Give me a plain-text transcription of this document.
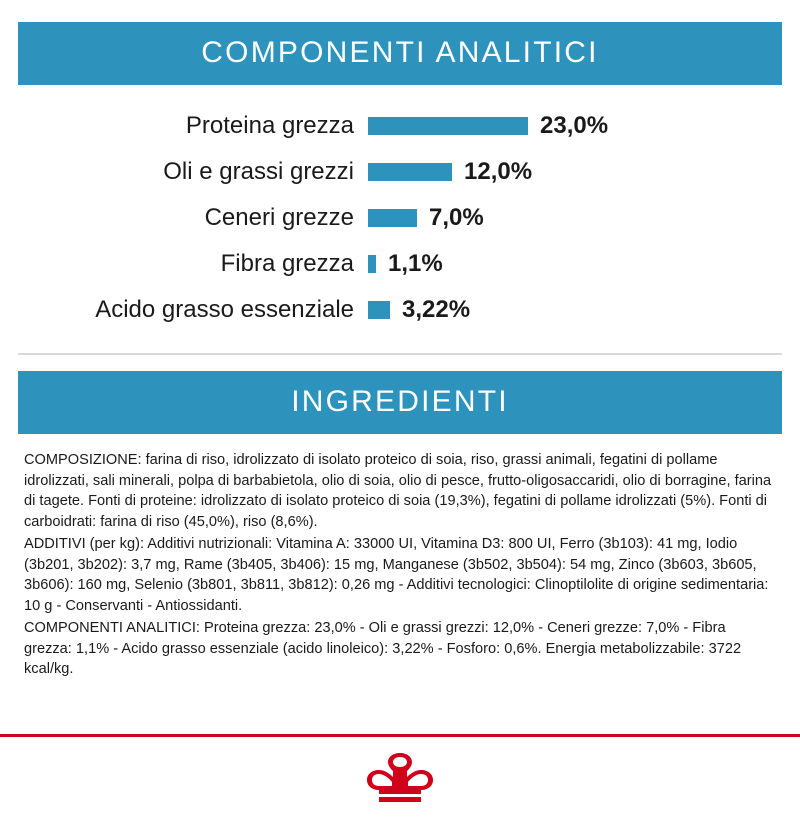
COMPONENTI ANALITICI
Proteina grezza	23,0%
Oli e grassi grezzi	12,0%
Ceneri grezze	7,0%
Fibra grezza	1,1%
Acido grasso essenziale	3,22%
INGREDIENTI

COMPOSIZIONE: farina di riso, idrolizzato di isolato proteico di soia, riso, grassi animali, fegatini di pollame idrolizzati, sali minerali, polpa di barbabietola, olio di soia, olio di pesce, frutto-oligosaccaridi, olio di borragine, farina di tagete. Fonti di proteine: idrolizzato di isolato proteico di soia (19,3%), fegatini di pollame idrolizzati (5%). Fonti di carboidrati: farina di riso (45,0%), riso (8,6%).

ADDITIVI (per kg): Additivi nutrizionali: Vitamina A: 33000 UI, Vitamina D3: 800 UI, Ferro (3b103): 41 mg, Iodio (3b201, 3b202): 3,7 mg, Rame (3b405, 3b406): 15 mg, Manganese (3b502, 3b504): 54 mg, Zinco (3b603, 3b605, 3b606): 160 mg, Selenio (3b801, 3b811, 3b812): 0,26 mg - Additivi tecnologici: Clinoptilolite di origine sedimentaria: 10 g - Conservanti - Antiossidanti.

COMPONENTI ANALITICI: Proteina grezza: 23,0% - Oli e grassi grezzi: 12,0% - Ceneri grezze: 7,0% - Fibra grezza: 1,1% - Acido grasso essenziale (acido linoleico): 3,22% - Fosforo: 0,6%. Energia metabolizzabile: 3722 kcal/kg.
